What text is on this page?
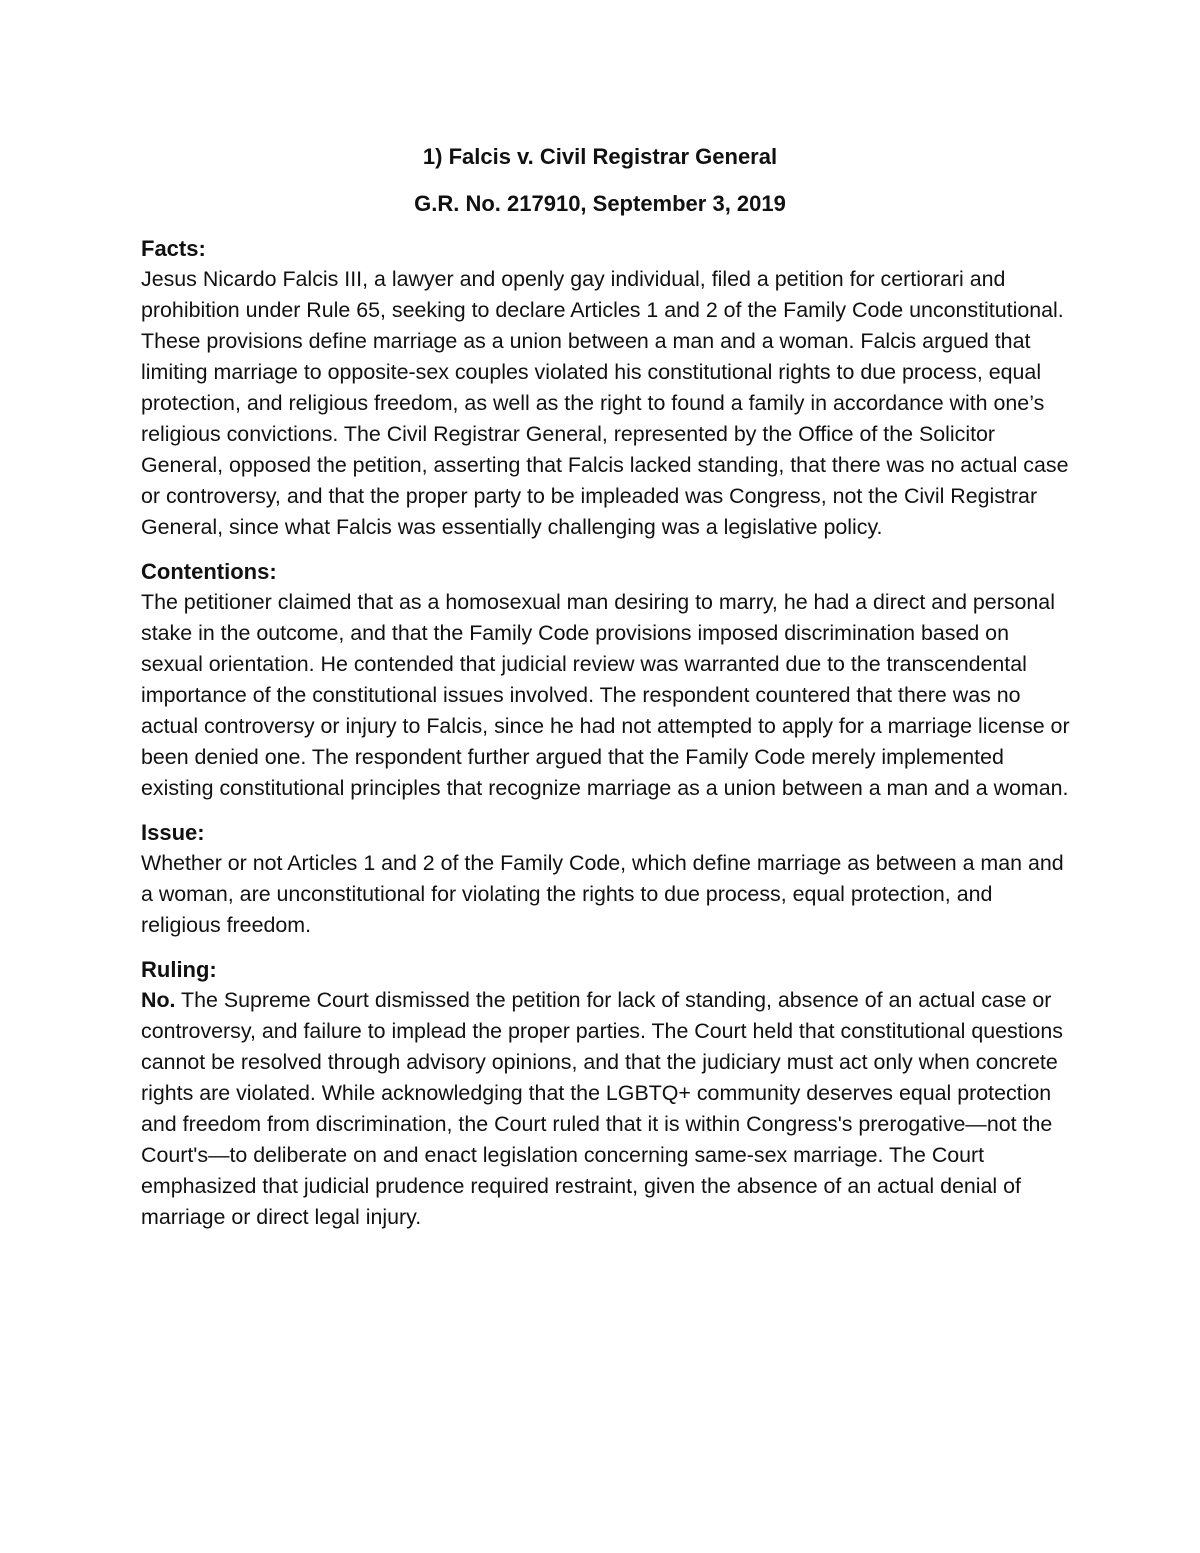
1) Falcis v. Civil Registrar General
G.R. No. 217910, September 3, 2019

Facts:

Jesus Nicardo Falcis III, a lawyer and openly gay individual, filed a petition for certiorari and prohibition under Rule 65, seeking to declare Articles 1 and 2 of the Family Code unconstitutional. These provisions define marriage as a union between a man and a woman. Falcis argued that limiting marriage to opposite-sex couples violated his constitutional rights to due process, equal protection, and religious freedom, as well as the right to found a family in accordance with one’s religious convictions. The Civil Registrar General, represented by the Office of the Solicitor General, opposed the petition, asserting that Falcis lacked standing, that there was no actual case or controversy, and that the proper party to be impleaded was Congress, not the Civil Registrar General, since what Falcis was essentially challenging was a legislative policy.

Contentions:

The petitioner claimed that as a homosexual man desiring to marry, he had a direct and personal stake in the outcome, and that the Family Code provisions imposed discrimination based on sexual orientation. He contended that judicial review was warranted due to the transcendental importance of the constitutional issues involved. The respondent countered that there was no actual controversy or injury to Falcis, since he had not attempted to apply for a marriage license or been denied one. The respondent further argued that the Family Code merely implemented existing constitutional principles that recognize marriage as a union between a man and a woman.

Issue:

Whether or not Articles 1 and 2 of the Family Code, which define marriage as between a man and a woman, are unconstitutional for violating the rights to due process, equal protection, and religious freedom.

Ruling:

No. The Supreme Court dismissed the petition for lack of standing, absence of an actual case or controversy, and failure to implead the proper parties. The Court held that constitutional questions cannot be resolved through advisory opinions, and that the judiciary must act only when concrete rights are violated. While acknowledging that the LGBTQ+ community deserves equal protection and freedom from discrimination, the Court ruled that it is within Congress's prerogative—not the Court's—to deliberate on and enact legislation concerning same-sex marriage. The Court emphasized that judicial prudence required restraint, given the absence of an actual denial of marriage or direct legal injury.
